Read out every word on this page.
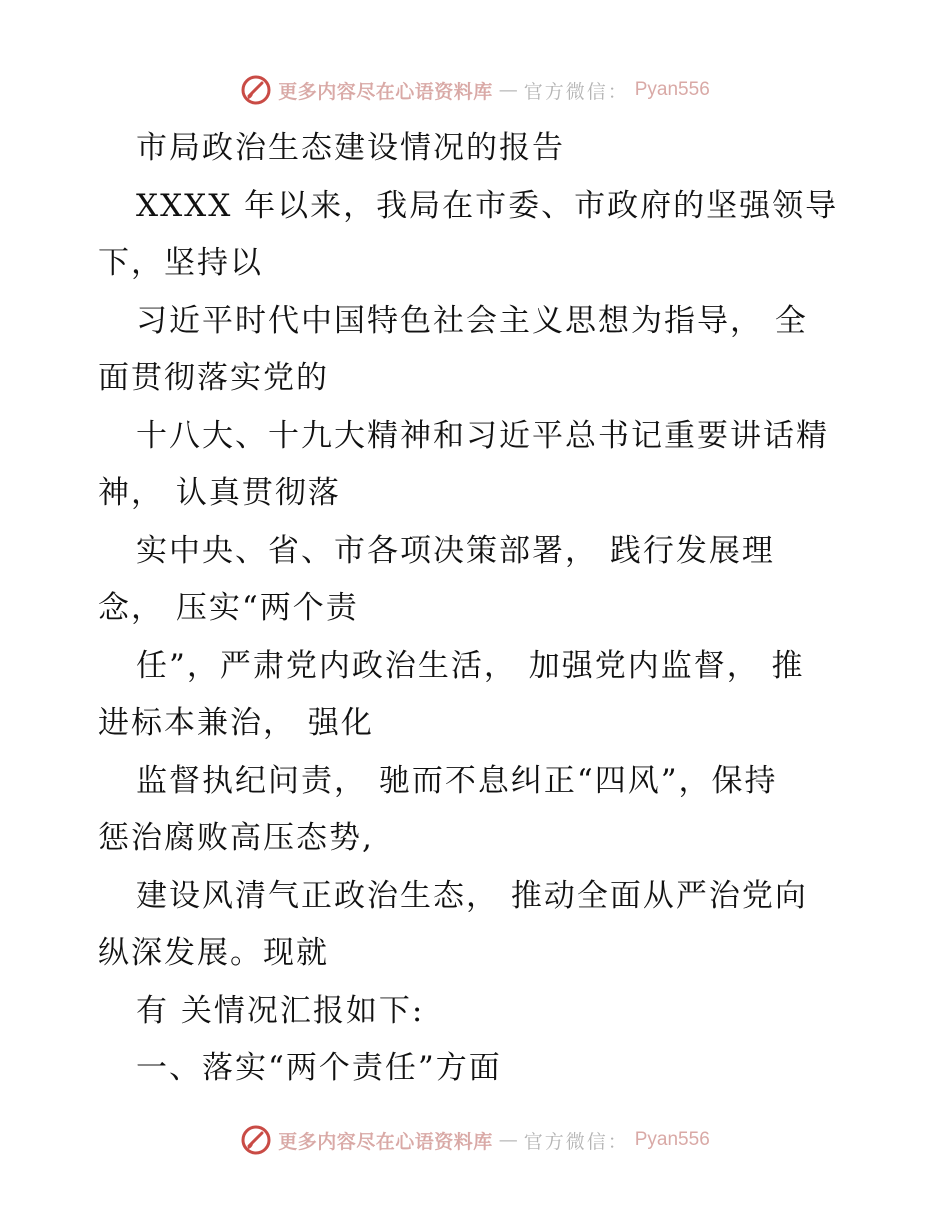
更多内容尽在心语资料库 — 官方微信： Pyan556
市局政治生态建设情况的报告
XXXX 年以来，我局在市委、市政府的坚强领导
下，坚持以
习近平时代中国特色社会主义思想为指导， 全
面贯彻落实党的
十八大、十九大精神和习近平总书记重要讲话精
神， 认真贯彻落
实中央、省、市各项决策部署， 践行发展理
念， 压实“两个责
任”，严肃党内政治生活， 加强党内监督， 推
进标本兼治， 强化
监督执纪问责， 驰而不息纠正“四风”，保持
惩治腐败高压态势,
建设风清气正政治生态， 推动全面从严治党向
纵深发展。现就
有 关情况汇报如下:
一、落实“两个责任”方面
更多内容尽在心语资料库 — 官方微信： Pyan556
